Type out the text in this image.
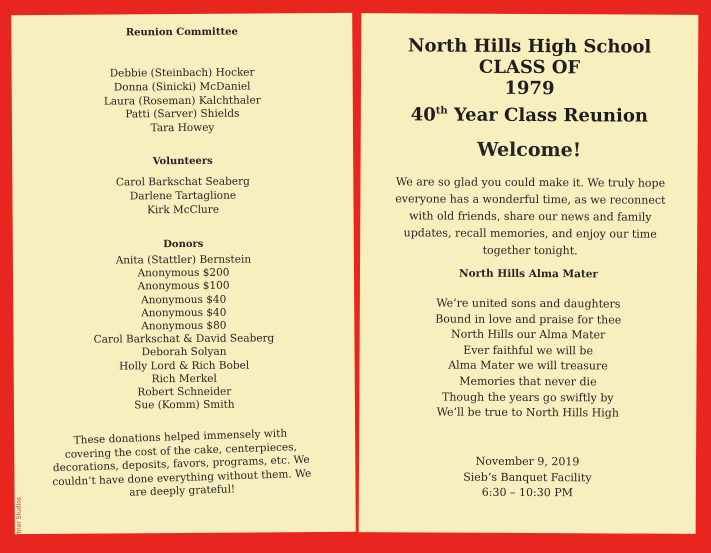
Reunion Committee
Debbie (Steinbach) Hocker
Donna (Sinicki) McDaniel
Laura (Roseman) Kalchthaler
Patti (Sarver) Shields
Tara Howey
Volunteers
Carol Barkschat Seaberg
Darlene Tartaglione
Kirk McClure
Donors
Anita (Stattler) Bernstein
Anonymous $200
Anonymous $100
Anonymous $40
Anonymous $40
Anonymous $80
Carol Barkschat & David Seaberg
Deborah Solyan
Holly Lord & Rich Bobel
Rich Merkel
Robert Schneider
Sue (Komm) Smith

These donations helped immensely with covering the cost of the cake, centerpieces, decorations, deposits, favors, programs, etc. We couldn’t have done everything without them. We are deeply grateful!

© Gartner Studios

North Hills High School

CLASS OF

1979

40th Year Class Reunion

Welcome!

We are so glad you could make it. We truly hope everyone has a wonderful time, as we reconnect with old friends, share our news and family updates, recall memories, and enjoy our time together tonight.

North Hills Alma Mater
We’re united sons and daughters
Bound in love and praise for thee
North Hills our Alma Mater
Ever faithful we will be
Alma Mater we will treasure
Memories that never die
Though the years go swiftly by
We’ll be true to North Hills High
November 9, 2019
Sieb’s Banquet Facility
6:30 – 10:30 PM
